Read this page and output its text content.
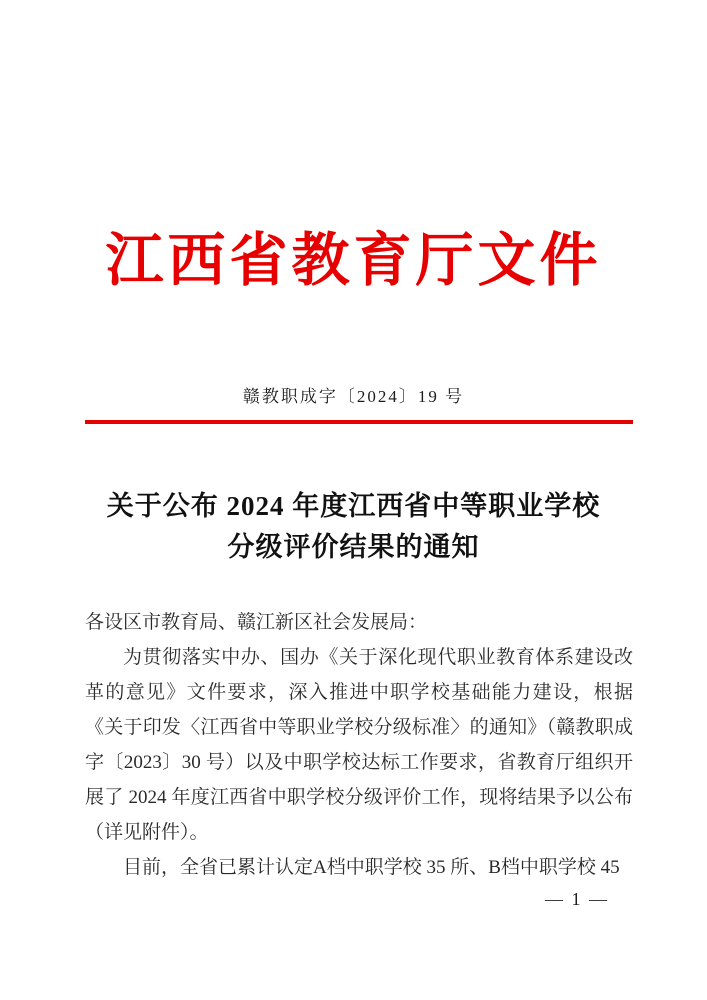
江西省教育厅文件
赣教职成字〔2024〕19 号
关于公布 2024 年度江西省中等职业学校
分级评价结果的通知

各设区市教育局、赣江新区社会发展局：

为贯彻落实中办、国办《关于深化现代职业教育体系建设改革的意见》文件要求，深入推进中职学校基础能力建设，根据《关于印发〈江西省中等职业学校分级标准〉的通知》（赣教职成字〔2023〕30 号）以及中职学校达标工作要求，省教育厅组织开展了 2024 年度江西省中职学校分级评价工作，现将结果予以公布（详见附件）。

目前，全省已累计认定A档中职学校 35 所、B档中职学校 45

— 1 —
